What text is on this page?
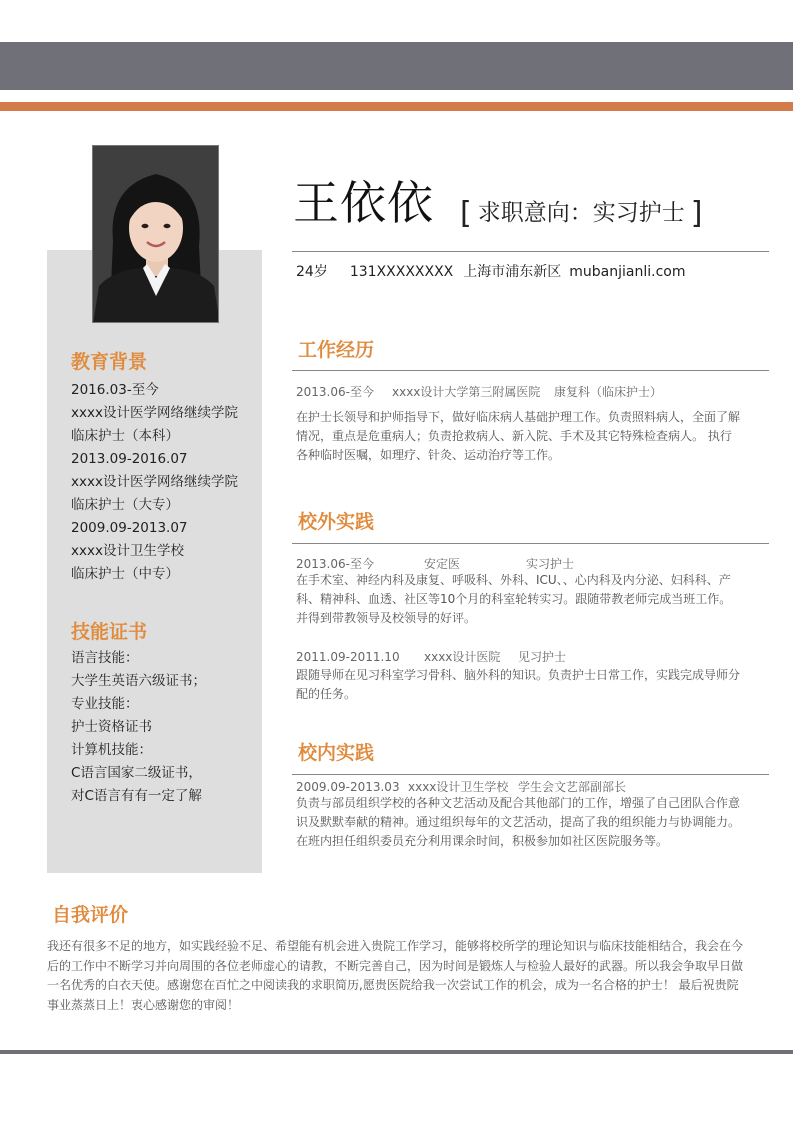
王依依 [ 求职意向：实习护士 ]
24岁 131XXXXXXXX 上海市浦东新区 mubanjianli.com
教育背景
2016.03-至今
xxxx设计医学网络继续学院
临床护士（本科）
2013.09-2016.07
xxxx设计医学网络继续学院
临床护士（大专）
2009.09-2013.07
xxxx设计卫生学校
临床护士（中专）
技能证书
语言技能：
大学生英语六级证书；
专业技能：
护士资格证书
计算机技能：
C语言国家二级证书，
对C语言有有一定了解
工作经历
2013.06-至今 xxxx设计大学第三附属医院 康复科（临床护士）
在护士长领导和护师指导下，做好临床病人基础护理工作。负责照料病人，全面了解情况，重点是危重病人；负责抢救病人、新入院、手术及其它特殊检查病人。 执行各种临时医嘱，如理疗、针灸、运动治疗等工作。
校外实践
2013.06-至今	安定医	实习护士
在手术室、神经内科及康复、呼吸科、外科、ICU、、心内科及内分泌、妇科科、产科、精神科、血透、社区等10个月的科室轮转实习。跟随带教老师完成当班工作。并得到带教领导及校领导的好评。
2011.09-2011.10 xxxx设计医院 见习护士
跟随导师在见习科室学习骨科、脑外科的知识。负责护士日常工作，实践完成导师分配的任务。
校内实践
2009.09-2013.03 xxxx设计卫生学校 学生会文艺部副部长
负责与部员组织学校的各种文艺活动及配合其他部门的工作，增强了自己团队合作意识及默默奉献的精神。通过组织每年的文艺活动，提高了我的组织能力与协调能力。在班内担任组织委员充分利用课余时间，积极参加如社区医院服务等。
自我评价
我还有很多不足的地方，如实践经验不足、希望能有机会进入贵院工作学习，能够将校所学的理论知识与临床技能相结合，我会在今后的工作中不断学习并向周围的各位老师虚心的请教，不断完善自己，因为时间是锻炼人与检验人最好的武器。所以我会争取早日做一名优秀的白衣天使。感谢您在百忙之中阅读我的求职简历,愿贵医院给我一次尝试工作的机会，成为一名合格的护士！ 最后祝贵院事业蒸蒸日上！衷心感谢您的审阅！
